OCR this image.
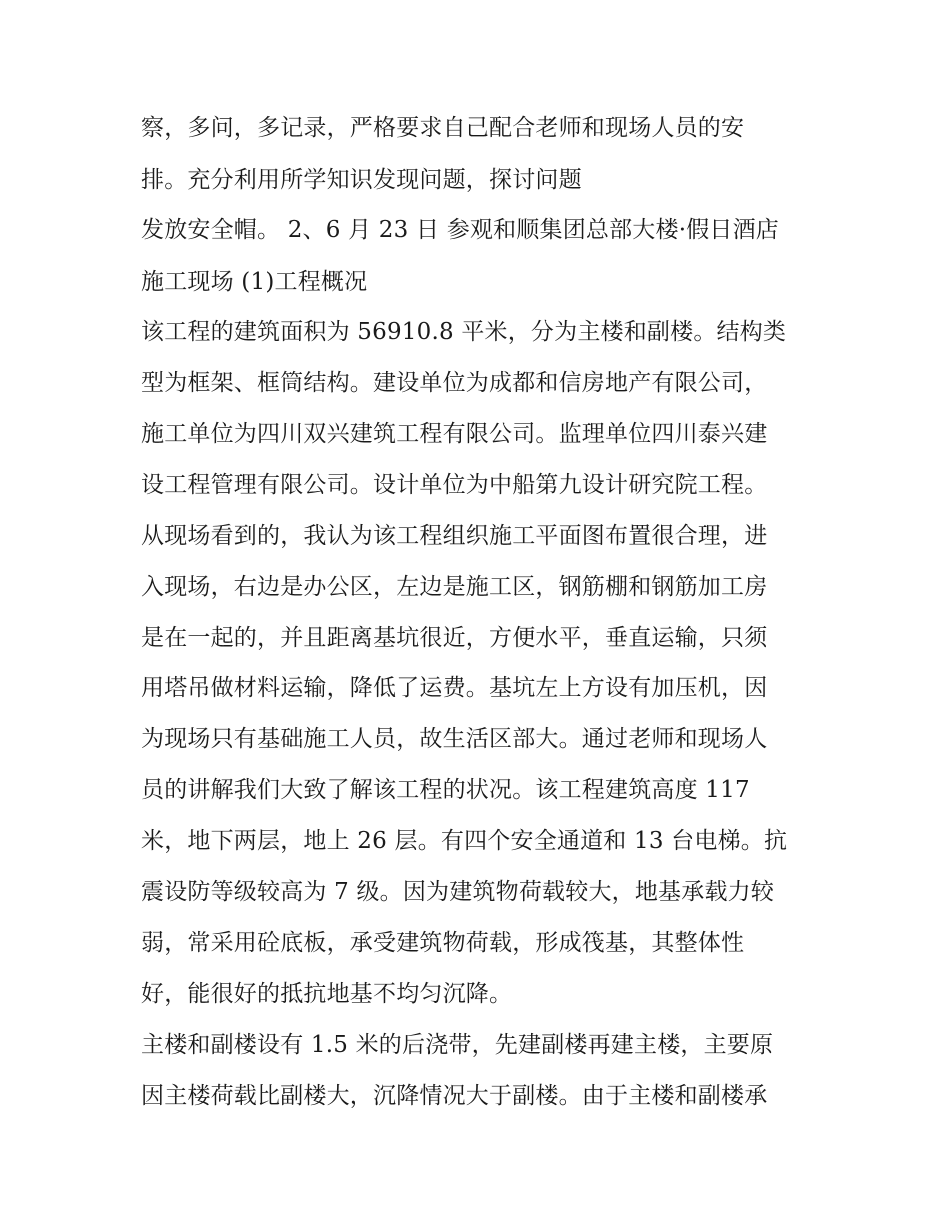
察，多问，多记录，严格要求自己配合老师和现场人员的安
排。充分利用所学知识发现问题，探讨问题
发放安全帽。 2、6 月 23 日 参观和顺集团总部大楼·假日酒店
施工现场 (1)工程概况
该工程的建筑面积为 56910.8 平米，分为主楼和副楼。结构类
型为框架、框筒结构。建设单位为成都和信房地产有限公司，
施工单位为四川双兴建筑工程有限公司。监理单位四川泰兴建
设工程管理有限公司。设计单位为中船第九设计研究院工程。
从现场看到的，我认为该工程组织施工平面图布置很合理，进
入现场，右边是办公区，左边是施工区，钢筋棚和钢筋加工房
是在一起的，并且距离基坑很近，方便水平，垂直运输，只须
用塔吊做材料运输，降低了运费。基坑左上方设有加压机，因
为现场只有基础施工人员，故生活区部大。通过老师和现场人
员的讲解我们大致了解该工程的状况。该工程建筑高度 117
米，地下两层，地上 26 层。有四个安全通道和 13 台电梯。抗
震设防等级较高为 7 级。因为建筑物荷载较大，地基承载力较
弱，常采用砼底板，承受建筑物荷载，形成筏基，其整体性
好，能很好的抵抗地基不均匀沉降。
主楼和副楼设有 1.5 米的后浇带，先建副楼再建主楼，主要原
因主楼荷载比副楼大，沉降情况大于副楼。由于主楼和副楼承
